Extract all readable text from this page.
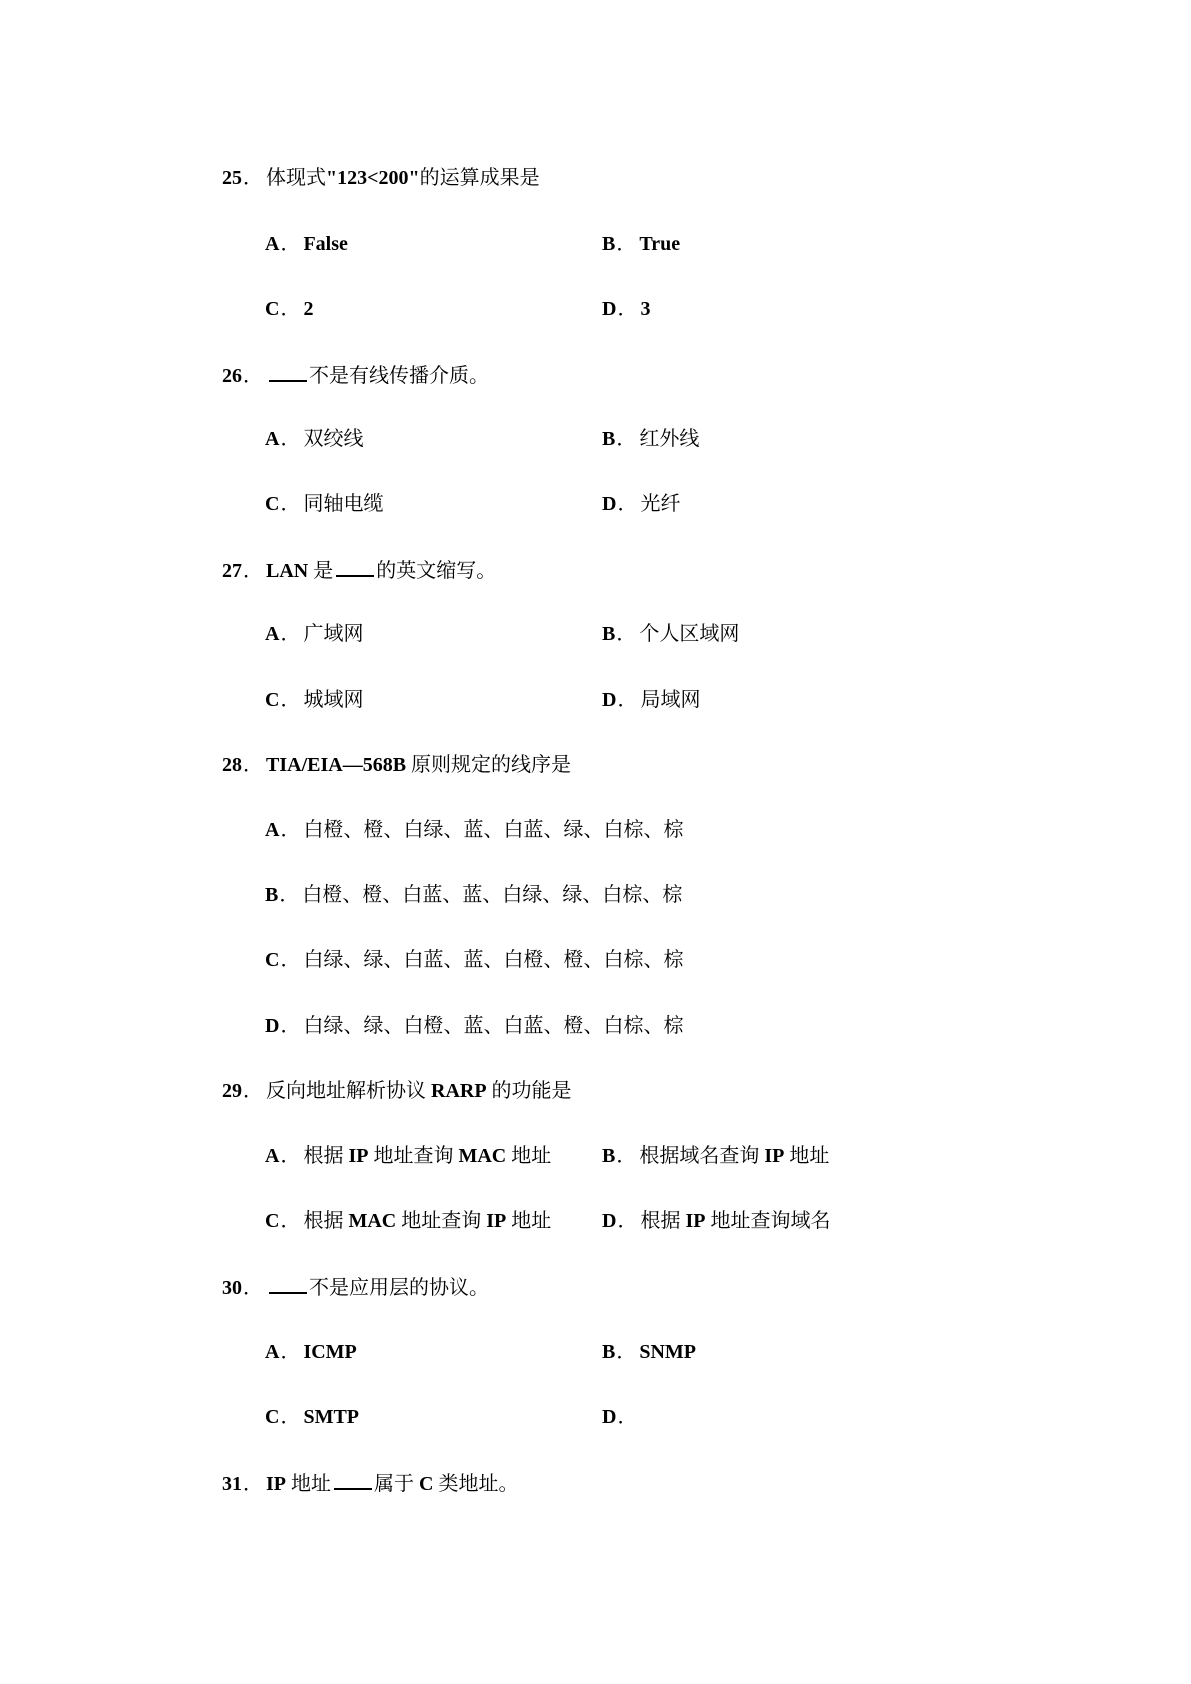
25． 体现式"123<200"的运算成果是
A． False	B． True
C． 2	D． 3
26． 不是有线传播介质。
A． 双绞线	B． 红外线
C． 同轴电缆	D． 光纤
27． LAN 是 的英文缩写。
A． 广域网	B． 个人区域网
C． 城域网	D． 局域网
28． TIA/EIA—568B 原则规定的线序是
A． 白橙、橙、白绿、蓝、白蓝、绿、白棕、棕
B． 白橙、橙、白蓝、蓝、白绿、绿、白棕、棕
C． 白绿、绿、白蓝、蓝、白橙、橙、白棕、棕
D． 白绿、绿、白橙、蓝、白蓝、橙、白棕、棕
29． 反向地址解析协议 RARP 的功能是
A． 根据 IP 地址查询 MAC 地址	B． 根据域名查询 IP 地址
C． 根据 MAC 地址查询 IP 地址	D． 根据 IP 地址查询域名
30． 不是应用层的协议。
A． ICMP	B． SNMP
C． SMTP	D．
31． IP 地址 属于 C 类地址。
